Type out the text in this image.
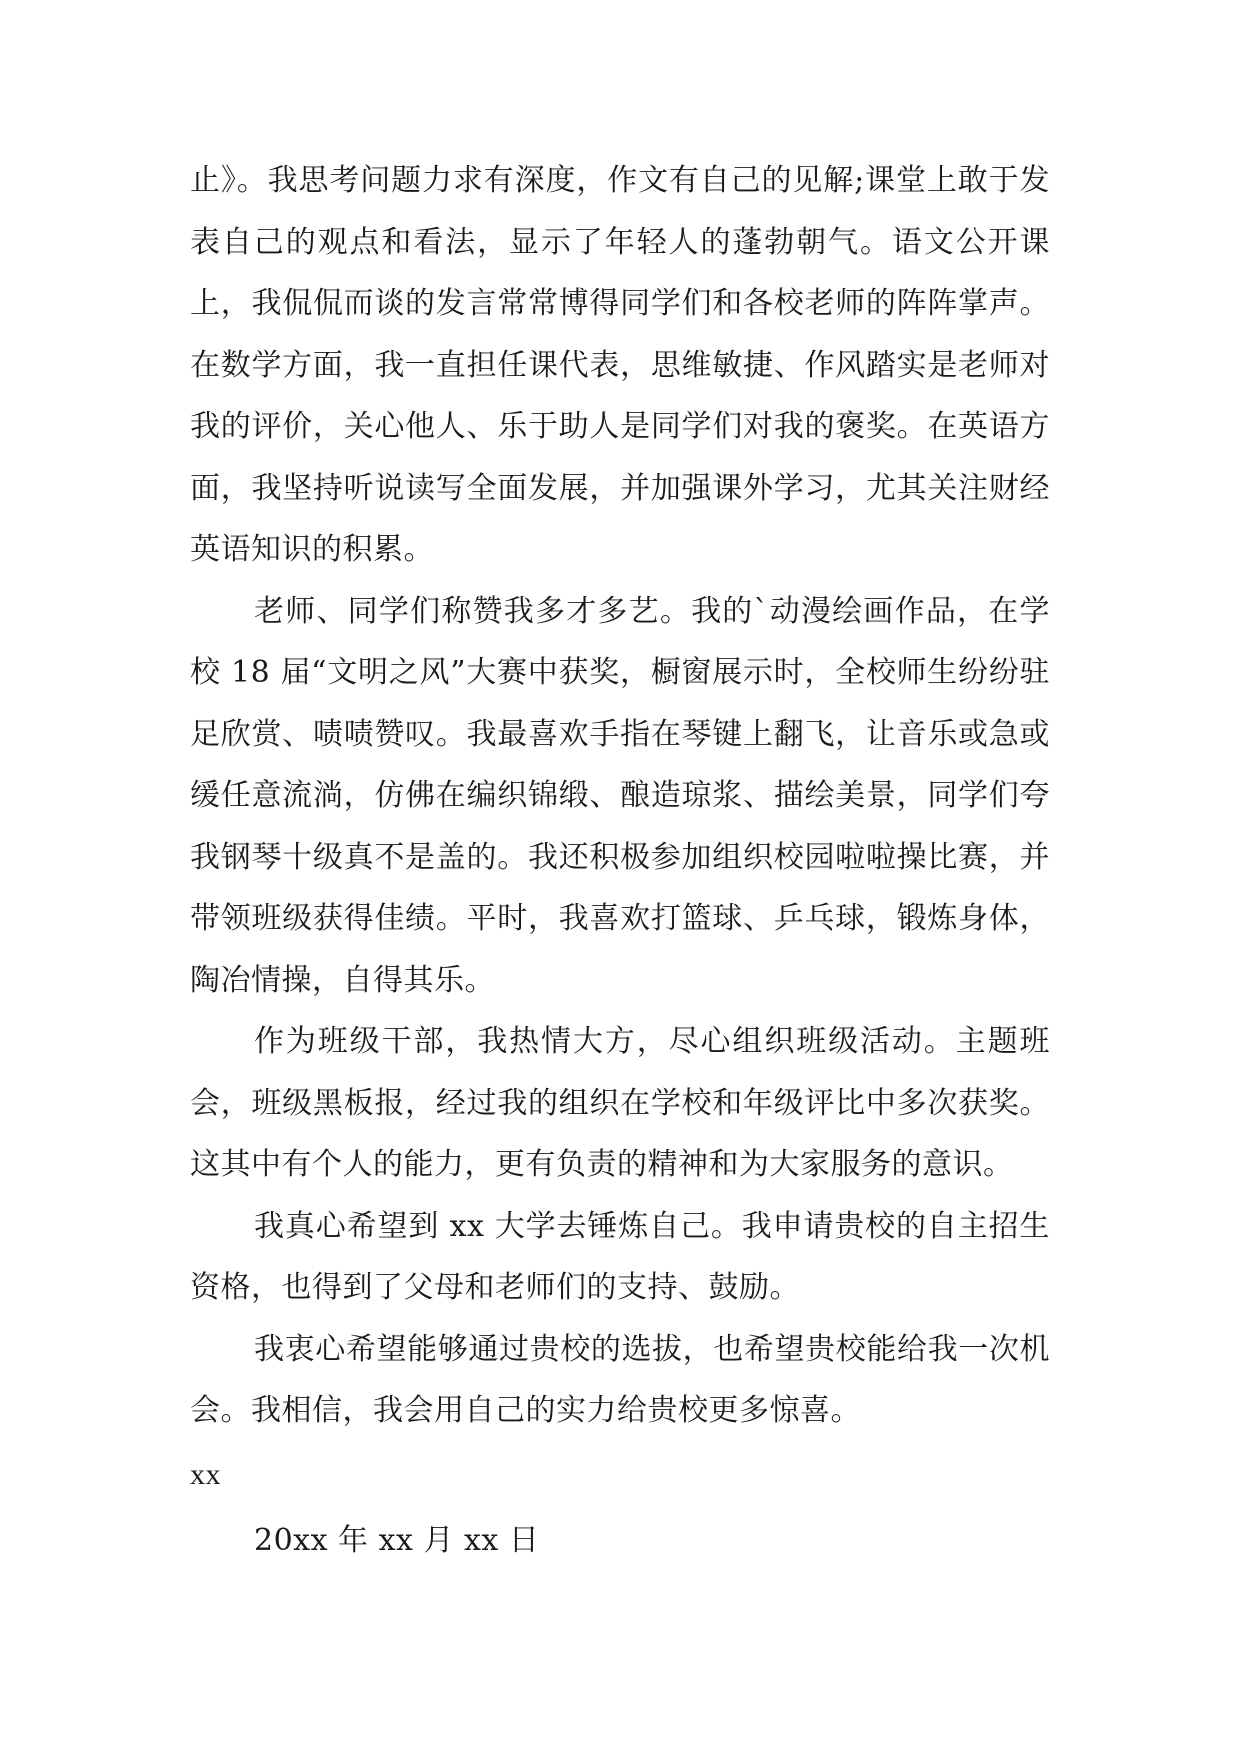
止》。我思考问题力求有深度，作文有自己的见解;课堂上敢于发表自己的观点和看法，显示了年轻人的蓬勃朝气。语文公开课上，我侃侃而谈的发言常常博得同学们和各校老师的阵阵掌声。在数学方面，我一直担任课代表，思维敏捷、作风踏实是老师对我的评价，关心他人、乐于助人是同学们对我的褒奖。在英语方面，我坚持听说读写全面发展，并加强课外学习，尤其关注财经英语知识的积累。

老师、同学们称赞我多才多艺。我的`动漫绘画作品，在学校 18 届“文明之风”大赛中获奖，橱窗展示时，全校师生纷纷驻足欣赏、啧啧赞叹。我最喜欢手指在琴键上翻飞，让音乐或急或缓任意流淌，仿佛在编织锦缎、酿造琼浆、描绘美景，同学们夸我钢琴十级真不是盖的。我还积极参加组织校园啦啦操比赛，并带领班级获得佳绩。平时，我喜欢打篮球、乒乓球，锻炼身体，陶冶情操，自得其乐。

作为班级干部，我热情大方，尽心组织班级活动。主题班会，班级黑板报，经过我的组织在学校和年级评比中多次获奖。这其中有个人的能力，更有负责的精神和为大家服务的意识。

我真心希望到 xx 大学去锤炼自己。我申请贵校的自主招生资格，也得到了父母和老师们的支持、鼓励。

我衷心希望能够通过贵校的选拔，也希望贵校能给我一次机会。我相信，我会用自己的实力给贵校更多惊喜。

xx

20xx 年 xx 月 xx 日
